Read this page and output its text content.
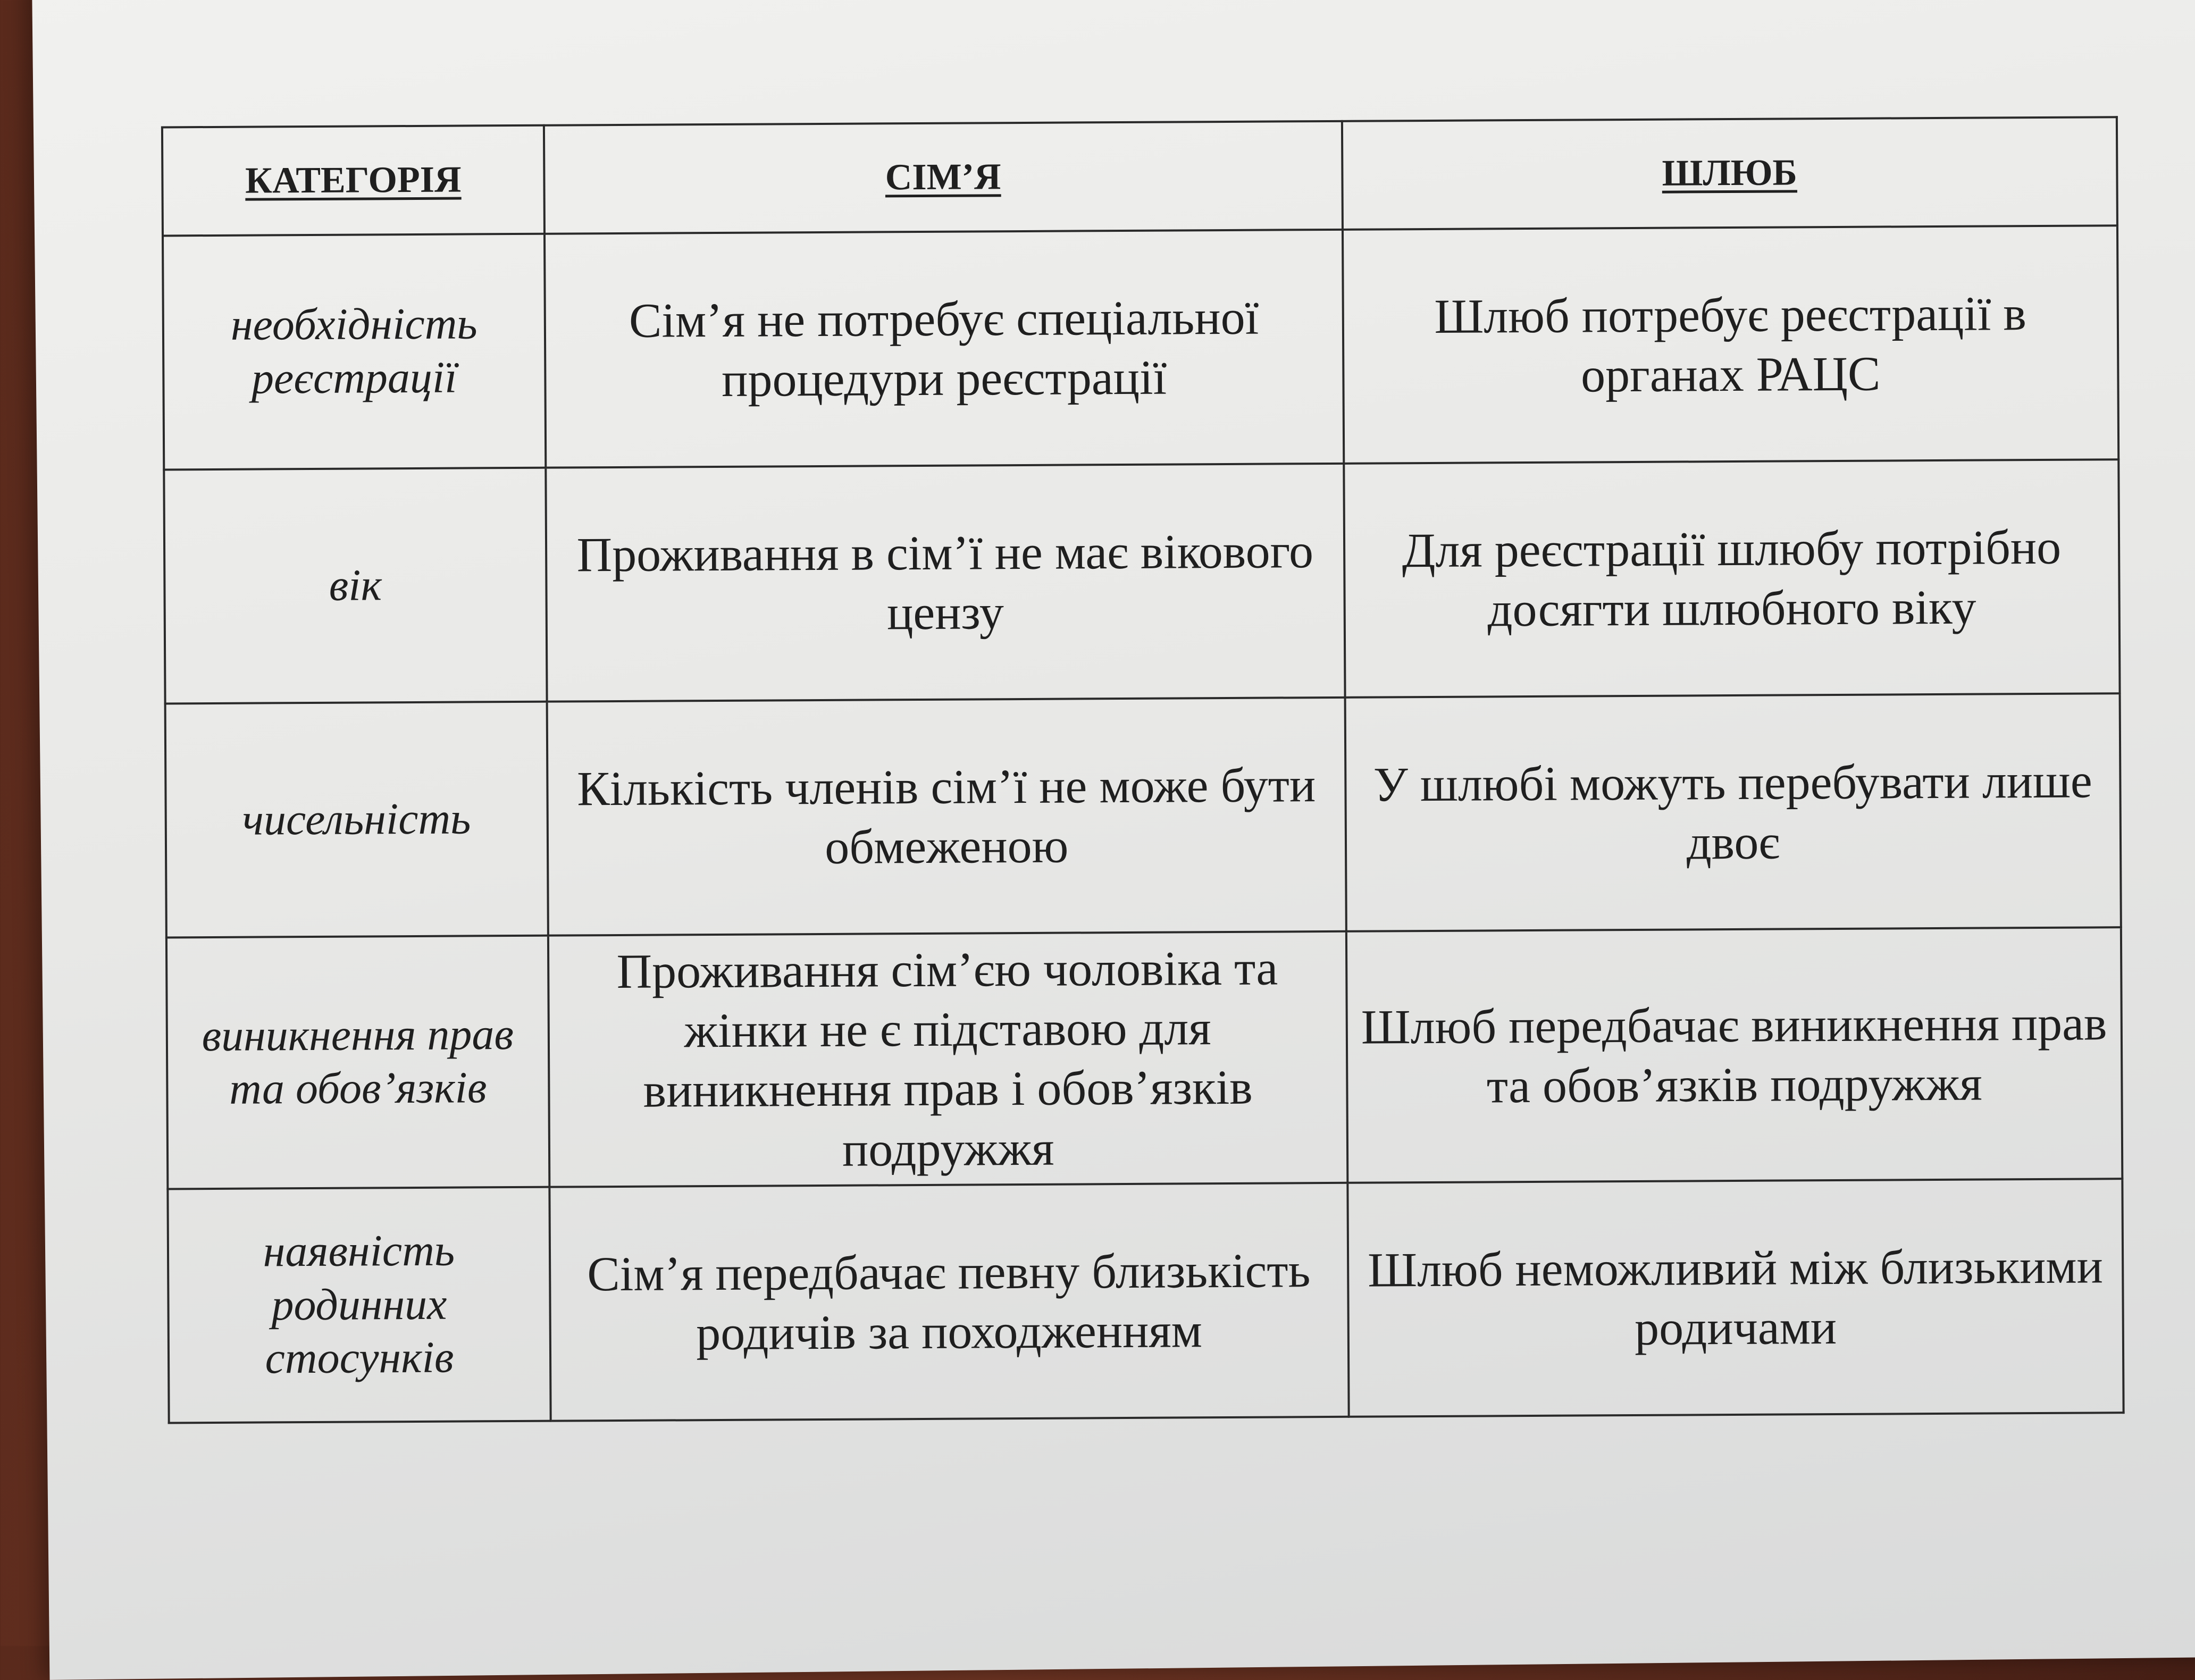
КАТЕГОРІЯ	СІМ’Я	ШЛЮБ
необхідність реєстрації	Сім’я не потребує спеціальної процедури реєстрації	Шлюб потребує реєстрації в органах РАЦС
вік	Проживання в сім’ї не має вікового цензу	Для реєстрації шлюбу потрібно досягти шлюбного віку
чисельність	Кількість членів сім’ї не може бути обмеженою	У шлюбі можуть перебувати лише двоє
виникнення прав та обов’язків	Проживання сім’єю чоловіка та жінки не є підставою для виникнення прав і обов’язків подружжя	Шлюб передбачає виникнення прав та обов’язків подружжя
наявність родинних стосунків	Сім’я передбачає певну близькість родичів за походженням	Шлюб неможливий між близькими родичами
